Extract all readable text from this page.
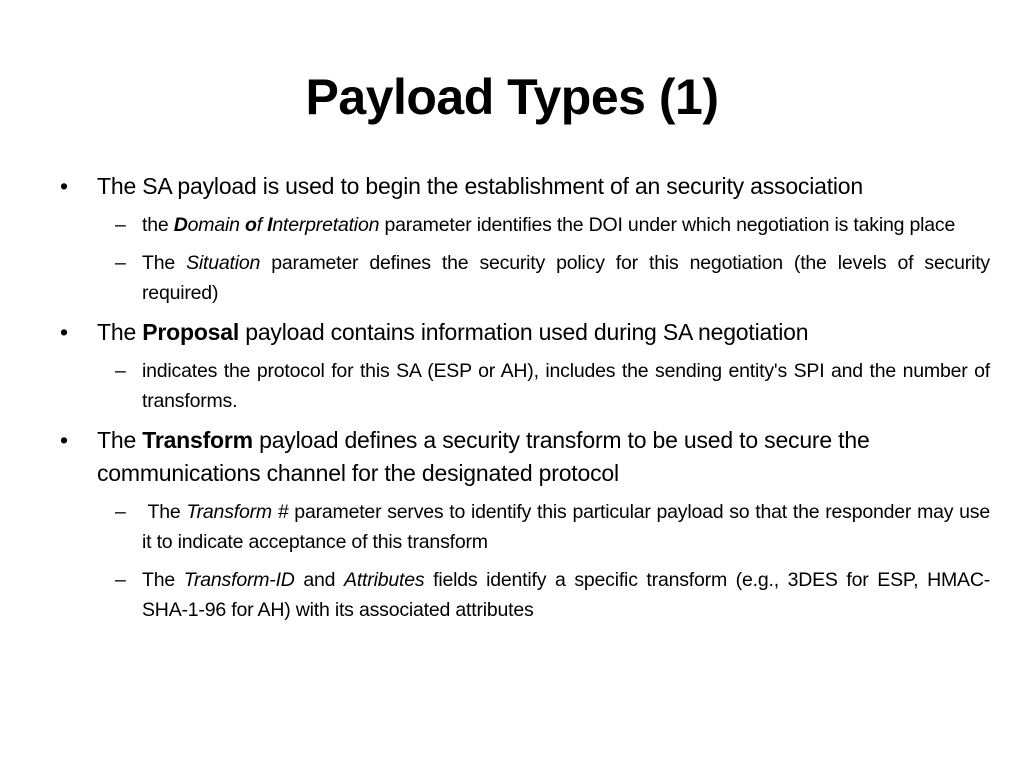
Payload Types (1)
• The SA payload is used to begin the establishment of an security association
– the Domain of Interpretation parameter identifies the DOI under which negotiation is taking place
– The Situation parameter defines the security policy for this negotiation (the levels of security required)
• The Proposal payload contains information used during SA negotiation
– indicates the protocol for this SA (ESP or AH), includes the sending entity's SPI and the number of transforms.
• The Transform payload defines a security transform to be used to secure the communications channel for the designated protocol
– The Transform # parameter serves to identify this particular payload so that the responder may use it to indicate acceptance of this transform
– The Transform-ID and Attributes fields identify a specific transform (e.g., 3DES for ESP, HMAC-SHA-1-96 for AH) with its associated attributes
